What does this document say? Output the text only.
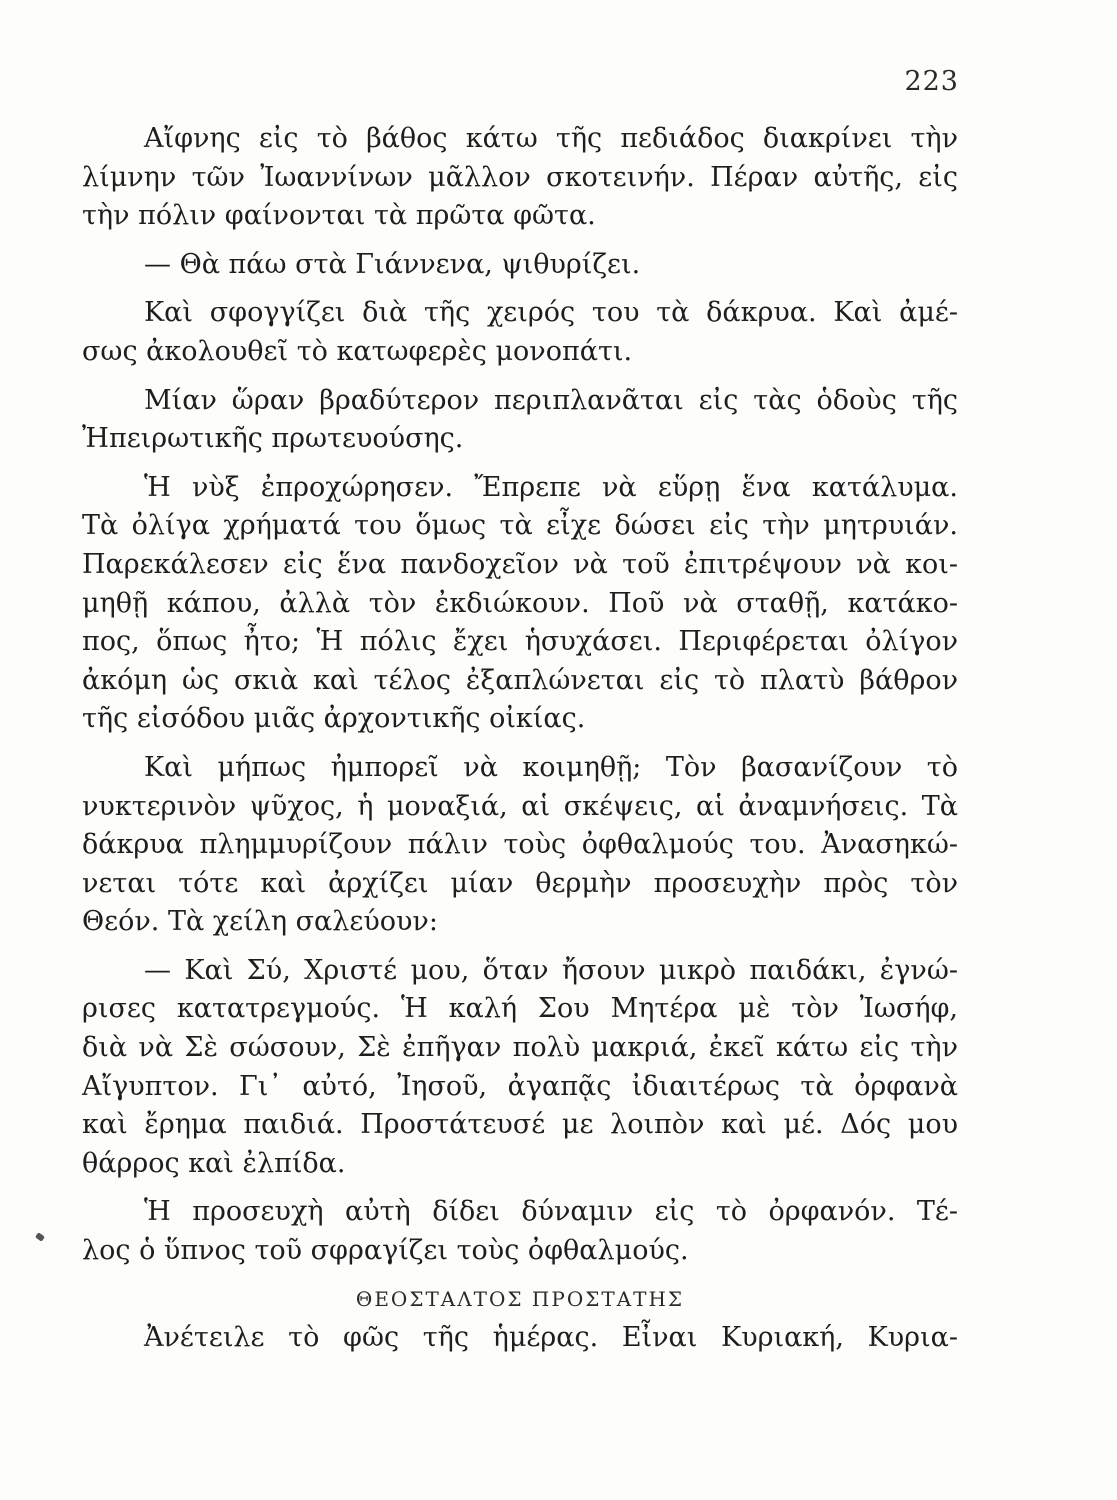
223
Αἴφνης εἰς τὸ βάθος κάτω τῆς πεδιάδος διακρίνει τὴν
λίμνην τῶν Ἰωαννίνων μᾶλλον σκοτεινήν. Πέραν αὐτῆς, εἰς
τὴν πόλιν φαίνονται τὰ πρῶτα φῶτα.
— Θὰ πάω στὰ Γιάννενα, ψιθυρίζει.
Καὶ σφογγίζει διὰ τῆς χειρός του τὰ δάκρυα. Καὶ ἀμέ-
σως ἀκολουθεῖ τὸ κατωφερὲς μονοπάτι.
Μίαν ὥραν βραδύτερον περιπλανᾶται εἰς τὰς ὁδοὺς τῆς
Ἠπειρωτικῆς πρωτευούσης.
Ἡ νὺξ ἐπροχώρησεν. Ἔπρεπε νὰ εὕρῃ ἕνα κατάλυμα.
Τὰ ὀλίγα χρήματά του ὅμως τὰ εἶχε δώσει εἰς τὴν μητρυιάν.
Παρεκάλεσεν εἰς ἕνα πανδοχεῖον νὰ τοῦ ἐπιτρέψουν νὰ κοι-
μηθῇ κάπου, ἀλλὰ τὸν ἐκδιώκουν. Ποῦ νὰ σταθῇ, κατάκο-
πος, ὅπως ἦτο; Ἡ πόλις ἔχει ἡσυχάσει. Περιφέρεται ὀλίγον
ἀκόμη ὡς σκιὰ καὶ τέλος ἐξαπλώνεται εἰς τὸ πλατὺ βάθρον
τῆς εἰσόδου μιᾶς ἀρχοντικῆς οἰκίας.
Καὶ μήπως ἠμπορεῖ νὰ κοιμηθῇ; Τὸν βασανίζουν τὸ
νυκτερινὸν ψῦχος, ἡ μοναξιά, αἱ σκέψεις, αἱ ἀναμνήσεις. Τὰ
δάκρυα πλημμυρίζουν πάλιν τοὺς ὀφθαλμούς του. Ἀνασηκώ-
νεται τότε καὶ ἀρχίζει μίαν θερμὴν προσευχὴν πρὸς τὸν
Θεόν. Τὰ χείλη σαλεύουν:
— Καὶ Σύ, Χριστέ μου, ὅταν ἤσουν μικρὸ παιδάκι, ἐγνώ-
ρισες κατατρεγμούς. Ἡ καλή Σου Μητέρα μὲ τὸν Ἰωσήφ,
διὰ νὰ Σὲ σώσουν, Σὲ ἐπῆγαν πολὺ μακριά, ἐκεῖ κάτω εἰς τὴν
Αἴγυπτον. Γι᾿ αὐτό, Ἰησοῦ, ἀγαπᾷς ἰδιαιτέρως τὰ ὀρφανὰ
καὶ ἔρημα παιδιά. Προστάτευσέ με λοιπὸν καὶ μέ. Δός μου
θάρρος καὶ ἐλπίδα.
Ἡ προσευχὴ αὐτὴ δίδει δύναμιν εἰς τὸ ὀρφανόν. Τέ-
λος ὁ ὕπνος τοῦ σφραγίζει τοὺς ὀφθαλμούς.
ΘΕΟΣΤΑΛΤΟΣ ΠΡΟΣΤΑΤΗΣ
Ἀνέτειλε τὸ φῶς τῆς ἡμέρας. Εἶναι Κυριακή, Κυρια-
